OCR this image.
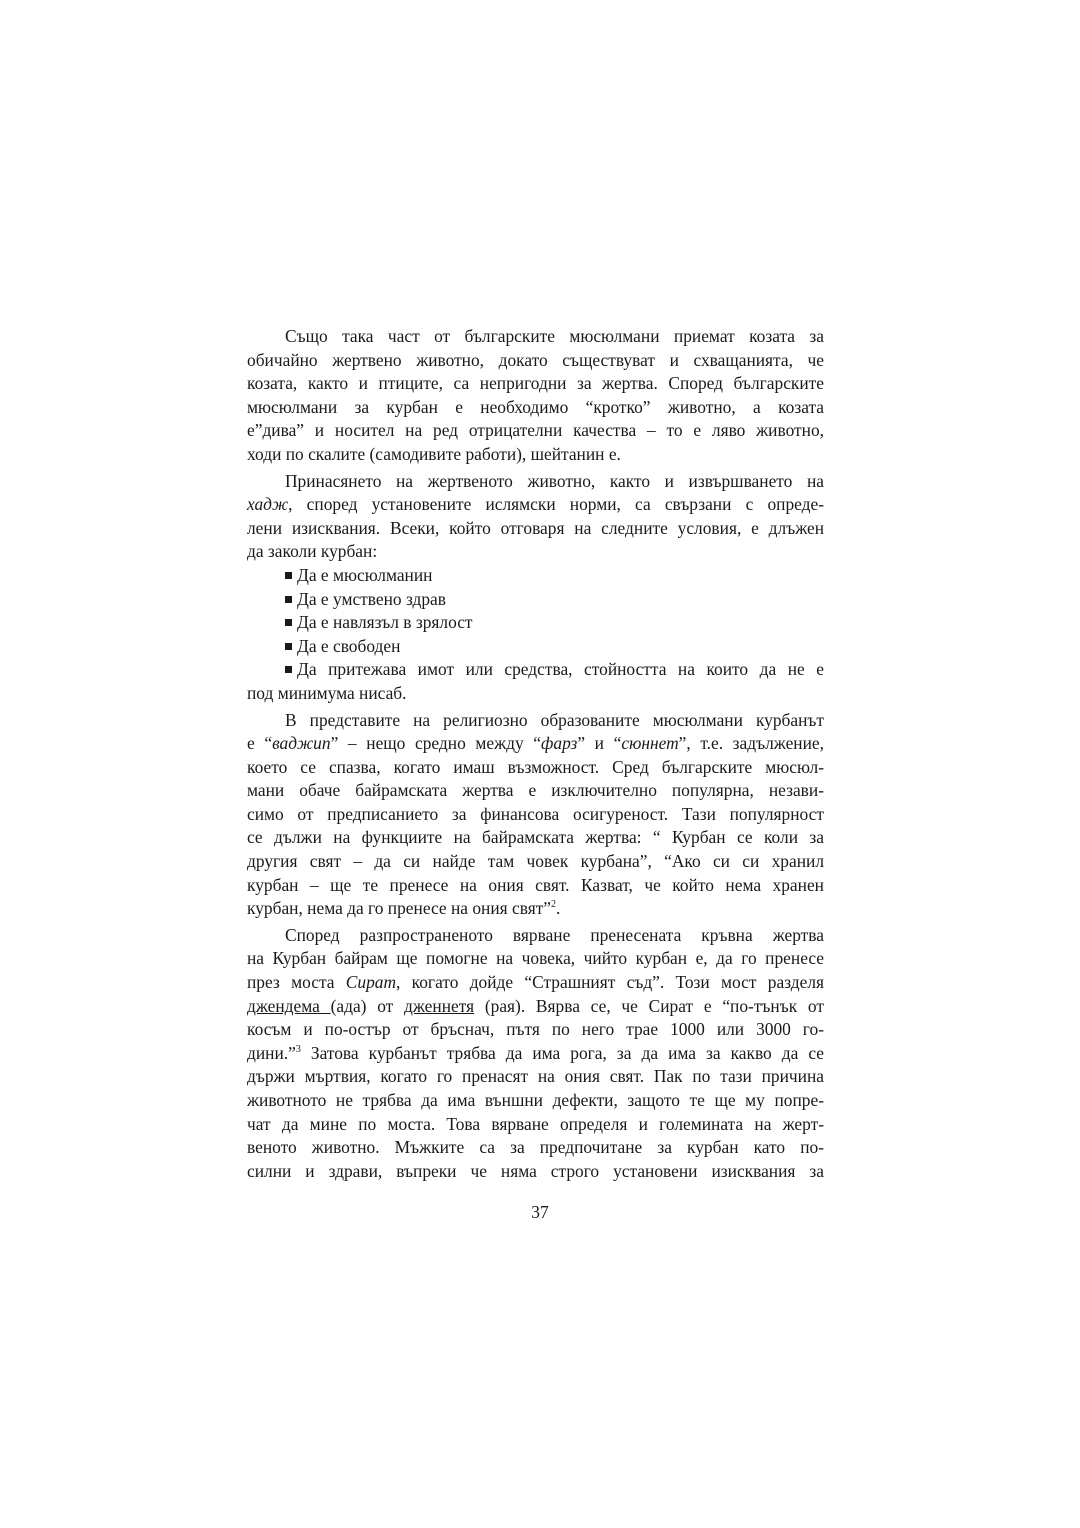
Също така част от българските мюсюлмани приемат козата за
обичайно жертвено животно, докато съществуват и схващанията, че
козата, както и птиците, са непригодни за жертва. Според българските
мюсюлмани за курбан е необходимо “кротко” животно, а козата
е”дива” и носител на ред отрицателни качества – то е ляво животно,
ходи по скалите (самодивите работи), шейтанин е.
Принасянето на жертвеното животно, както и извършването на
хадж, според установените ислямски норми, са свързани с опреде-
лени изисквания. Всеки, който отговаря на следните условия, е длъжен
да заколи курбан:
Да е мюсюлманин
Да е умствено здрав
Да е навлязъл в зрялост
Да е свободен
Да притежава имот или средства, стойността на които да не е
под минимума нисаб.
В представите на религиозно образованите мюсюлмани курбанът
е “ваджип” – нещо средно между “фарз” и “сюннет”, т.е. задължение,
което се спазва, когато имаш възможност. Сред българските мюсюл-
мани обаче байрамската жертва е изключително популярна, незави-
симо от предписанието за финансова осигуреност. Тази популярност
се дължи на функциите на байрамската жертва: “ Курбан се коли за
другия свят – да си найде там човек курбана”, “Ако си си хранил
курбан – ще те пренесе на ония свят. Казват, че който нема хранен
курбан, нема да го пренесе на ония свят”$^2$.
Според разпространеното вярване пренесената кръвна жертва
на Курбан байрам ще помогне на човека, чийто курбан е, да го пренесе
през моста Сират, когато дойде “Страшният съд”. Този мост разделя
джендема (ада) от дженнетя (рая). Вярва се, че Сират е “по-тънък от
косъм и по-остър от бръснач, пътя по него трае 1000 или 3000 го-
дини.”$^3$ Затова курбанът трябва да има рога, за да има за какво да се
държи мъртвия, когато го пренасят на ония свят. Пак по тази причина
животното не трябва да има външни дефекти, защото те ще му попре-
чат да мине по моста. Това вярване определя и големината на жерт-
веното животно. Мъжките са за предпочитане за курбан като по-
силни и здрави, въпреки че няма строго установени изисквания за
37
